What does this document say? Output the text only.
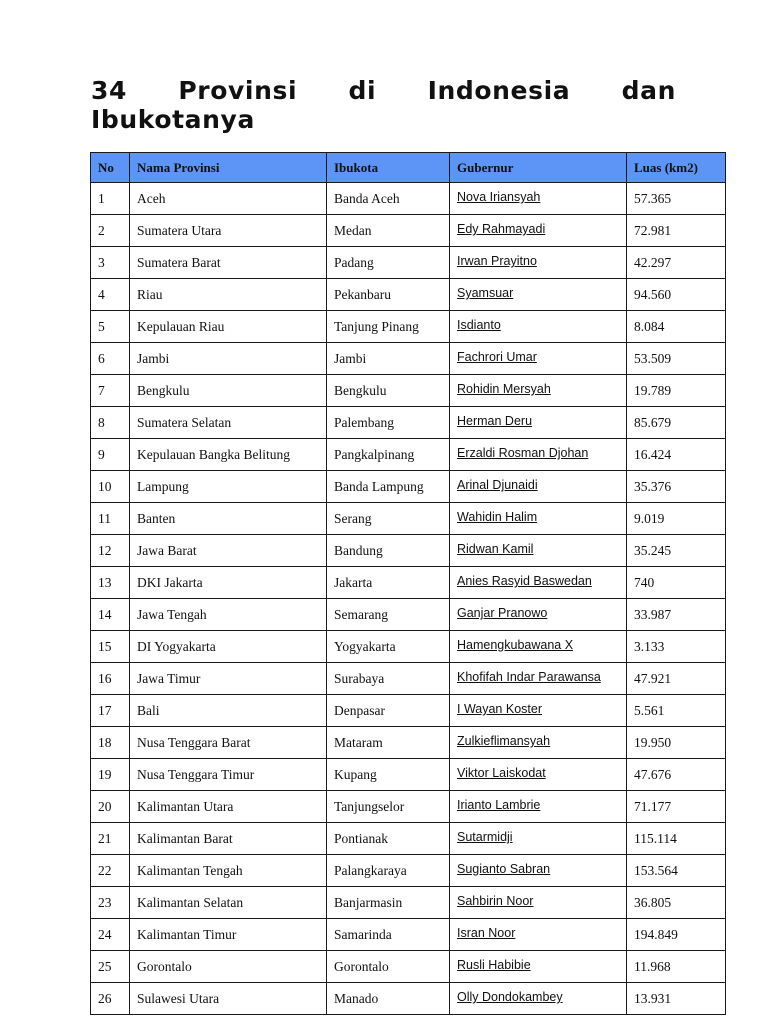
34 Provinsi di Indonesia dan Ibukotanya
No	Nama Provinsi	Ibukota	Gubernur	Luas (km2)
1	Aceh	Banda Aceh	Nova Iriansyah	57.365
2	Sumatera Utara	Medan	Edy Rahmayadi	72.981
3	Sumatera Barat	Padang	Irwan Prayitno	42.297
4	Riau	Pekanbaru	Syamsuar	94.560
5	Kepulauan Riau	Tanjung Pinang	Isdianto	8.084
6	Jambi	Jambi	Fachrori Umar	53.509
7	Bengkulu	Bengkulu	Rohidin Mersyah	19.789
8	Sumatera Selatan	Palembang	Herman Deru	85.679
9	Kepulauan Bangka Belitung	Pangkalpinang	Erzaldi Rosman Djohan	16.424
10	Lampung	Banda Lampung	Arinal Djunaidi	35.376
11	Banten	Serang	Wahidin Halim	9.019
12	Jawa Barat	Bandung	Ridwan Kamil	35.245
13	DKI Jakarta	Jakarta	Anies Rasyid Baswedan	740
14	Jawa Tengah	Semarang	Ganjar Pranowo	33.987
15	DI Yogyakarta	Yogyakarta	Hamengkubawana X	3.133
16	Jawa Timur	Surabaya	Khofifah Indar Parawansa	47.921
17	Bali	Denpasar	I Wayan Koster	5.561
18	Nusa Tenggara Barat	Mataram	Zulkieflimansyah	19.950
19	Nusa Tenggara Timur	Kupang	Viktor Laiskodat	47.676
20	Kalimantan Utara	Tanjungselor	Irianto Lambrie	71.177
21	Kalimantan Barat	Pontianak	Sutarmidji	115.114
22	Kalimantan Tengah	Palangkaraya	Sugianto Sabran	153.564
23	Kalimantan Selatan	Banjarmasin	Sahbirin Noor	36.805
24	Kalimantan Timur	Samarinda	Isran Noor	194.849
25	Gorontalo	Gorontalo	Rusli Habibie	11.968
26	Sulawesi Utara	Manado	Olly Dondokambey	13.931
